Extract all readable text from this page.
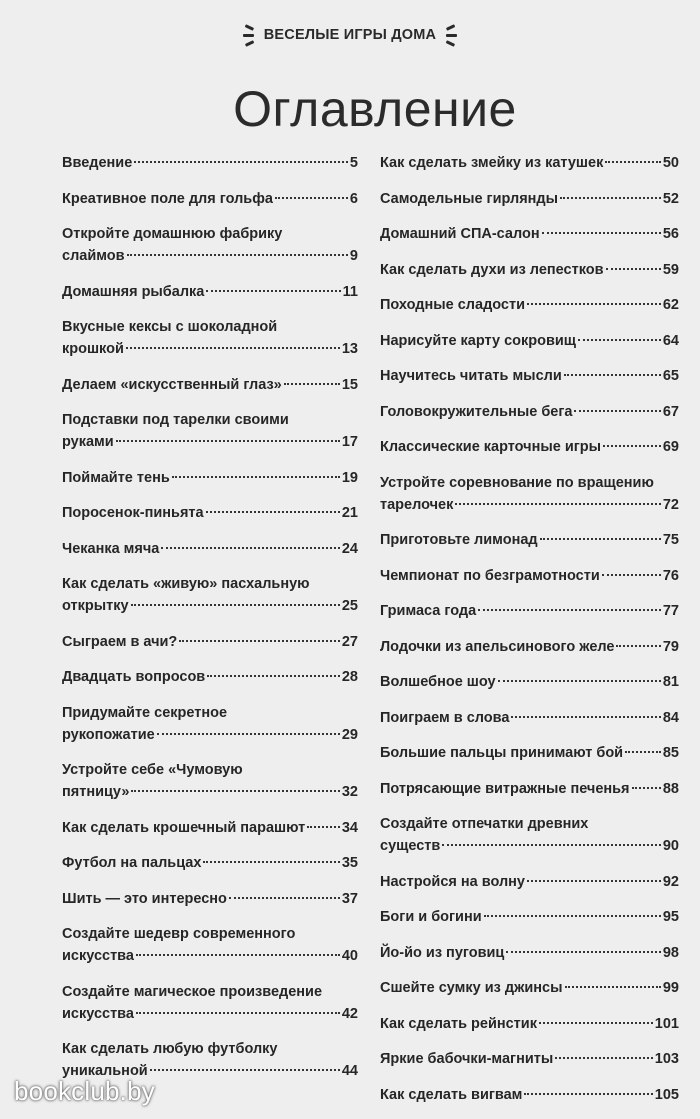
ВЕСЕЛЫЕ ИГРЫ ДОМА
Оглавление
Введение	5
Креативное поле для гольфа	6
Откройте домашнюю фабрику
слаймов	9
Домашняя рыбалка	11
Вкусные кексы с шоколадной
крошкой	13
Делаем «искусственный глаз»	15
Подставки под тарелки своими
руками	17
Поймайте тень	19
Поросенок-пиньята	21
Чеканка мяча	24
Как сделать «живую» пасхальную
открытку	25
Сыграем в ачи?	27
Двадцать вопросов	28
Придумайте секретное
рукопожатие	29
Устройте себе «Чумовую
пятницу»	32
Как сделать крошечный парашют	34
Футбол на пальцах	35
Шить — это интересно	37
Создайте шедевр современного
искусства	40
Создайте магическое произведение
искусства	42
Как сделать любую футболку
уникальной	44
Как сделать змейку из катушек	50
Самодельные гирлянды	52
Домашний СПА-салон	56
Как сделать духи из лепестков	59
Походные сладости	62
Нарисуйте карту сокровищ	64
Научитесь читать мысли	65
Головокружительные бега	67
Классические карточные игры	69
Устройте соревнование по вращению
тарелочек	72
Приготовьте лимонад	75
Чемпионат по безграмотности	76
Гримаса года	77
Лодочки из апельсинового желе	79
Волшебное шоу	81
Поиграем в слова	84
Большие пальцы принимают бой	85
Потрясающие витражные печенья 88
Создайте отпечатки древних
существ	90
Настройся на волну	92
Боги и богини	95
Йо-йо из пуговиц	98
Сшейте сумку из джинсы	99
Как сделать рейнстик	101
Яркие бабочки-магниты	103
Как сделать вигвам	105
bookclub.by
